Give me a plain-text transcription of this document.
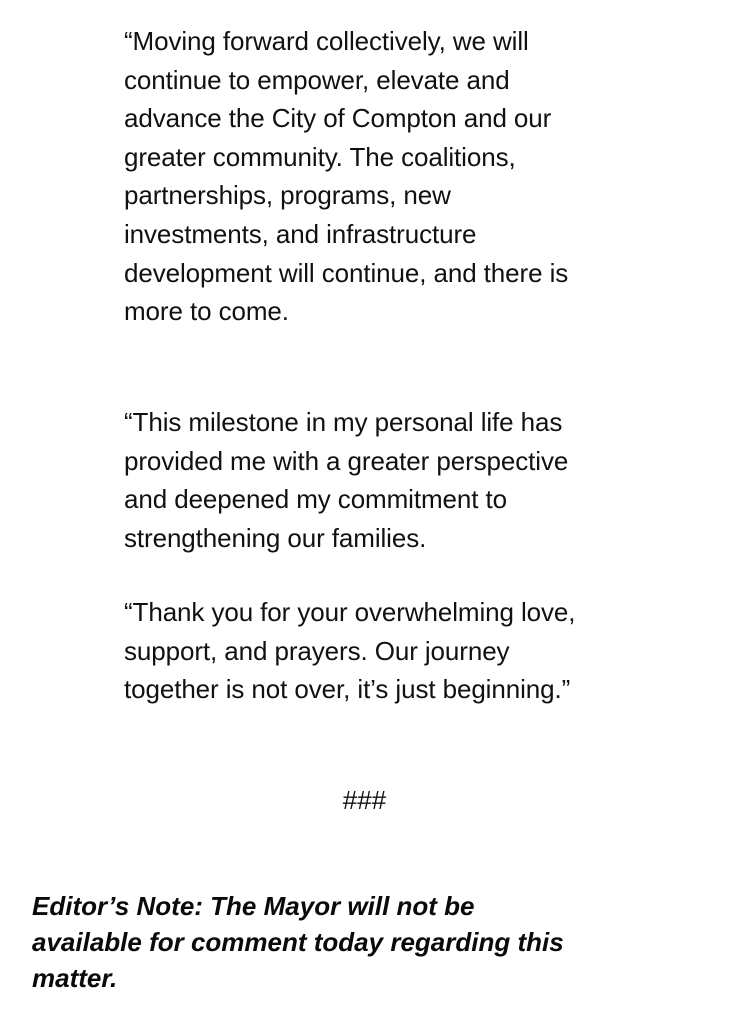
“Moving forward collectively, we will
continue to empower, elevate and
advance the City of Compton and our
greater community. The coalitions,
partnerships, programs, new
investments, and infrastructure
development will continue, and there is
more to come.

“This milestone in my personal life has
provided me with a greater perspective
and deepened my commitment to
strengthening our families.

“Thank you for your overwhelming love,
support, and prayers. Our journey
together is not over, it’s just beginning.”

###

Editor’s Note: The Mayor will not be
available for comment today regarding this
matter.
